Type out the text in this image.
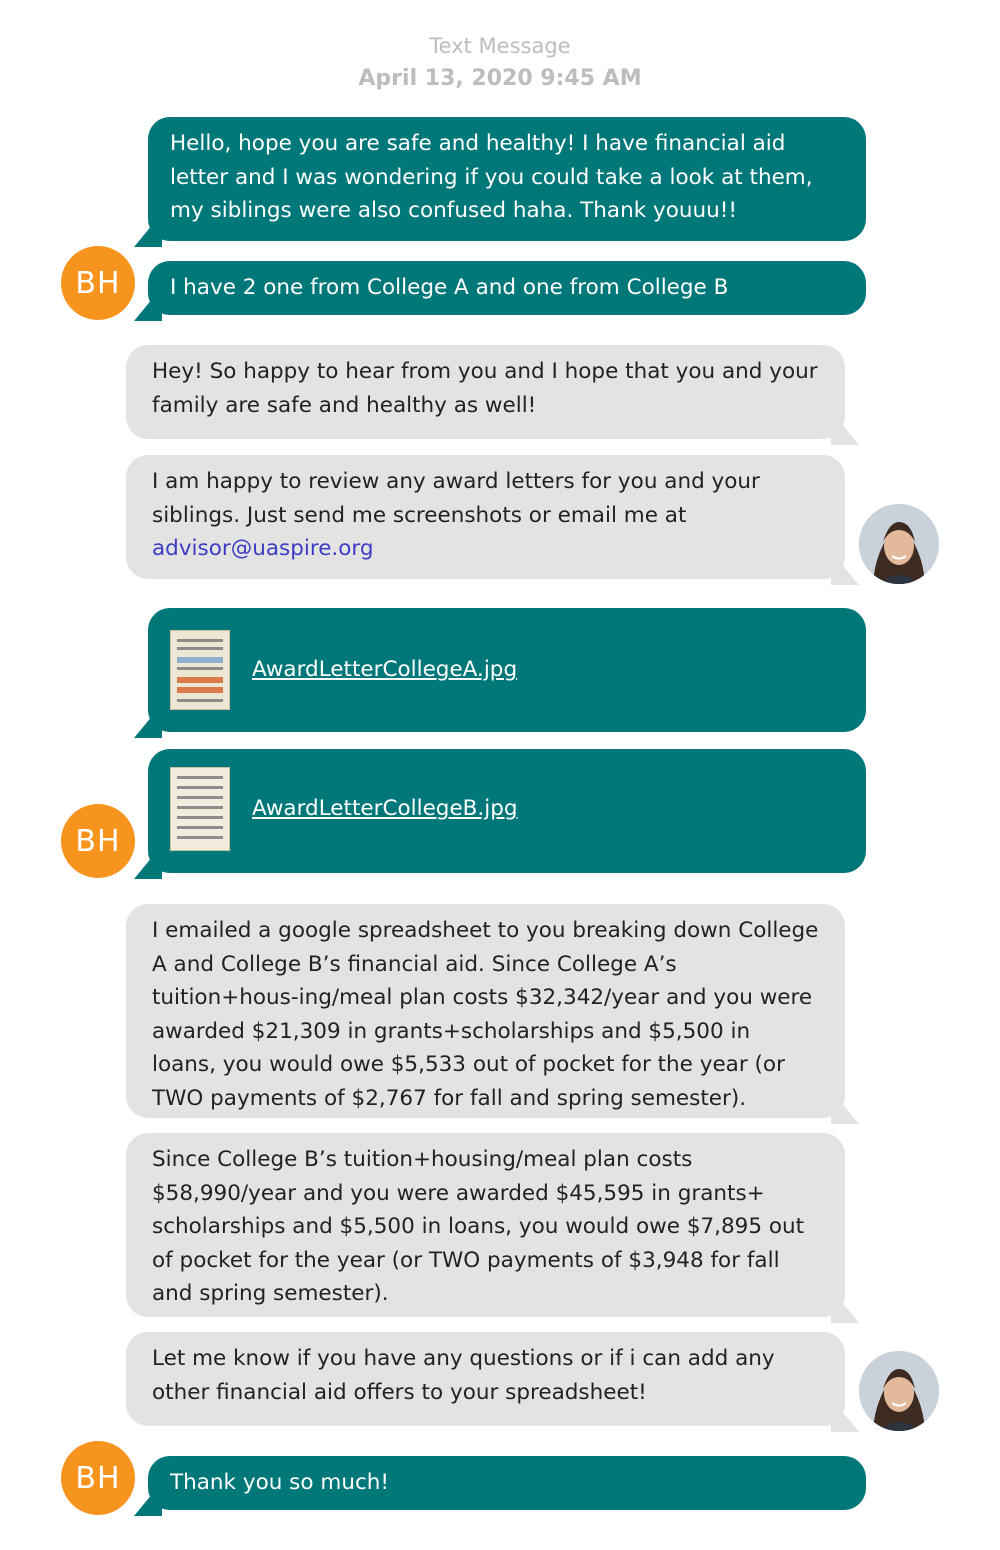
Text Message
April 13, 2020 9:45 AM
Hello, hope you are safe and healthy! I have financial aid letter and I was wondering if you could take a look at them, my siblings were also confused haha. Thank youuu!!
BH I have 2 one from College A and one from College B
Hey! So happy to hear from you and I hope that you and your family are safe and healthy as well!
I am happy to review any award letters for you and your siblings. Just send me screenshots or email me at advisor@uaspire.org
AwardLetterCollegeA.jpg
AwardLetterCollegeB.jpg
BH
I emailed a google spreadsheet to you breaking down College A and College B’s financial aid. Since College A’s tuition+hous-ing/meal plan costs $32,342/year and you were awarded $21,309 in grants+scholarships and $5,500 in loans, you would owe $5,533 out of pocket for the year (or TWO payments of $2,767 for fall and spring semester).
Since College B’s tuition+housing/meal plan costs $58,990/year and you were awarded $45,595 in grants+ scholarships and $5,500 in loans, you would owe $7,895 out of pocket for the year (or TWO payments of $3,948 for fall and spring semester).
Let me know if you have any questions or if i can add any other financial aid offers to your spreadsheet!
BH Thank you so much!
